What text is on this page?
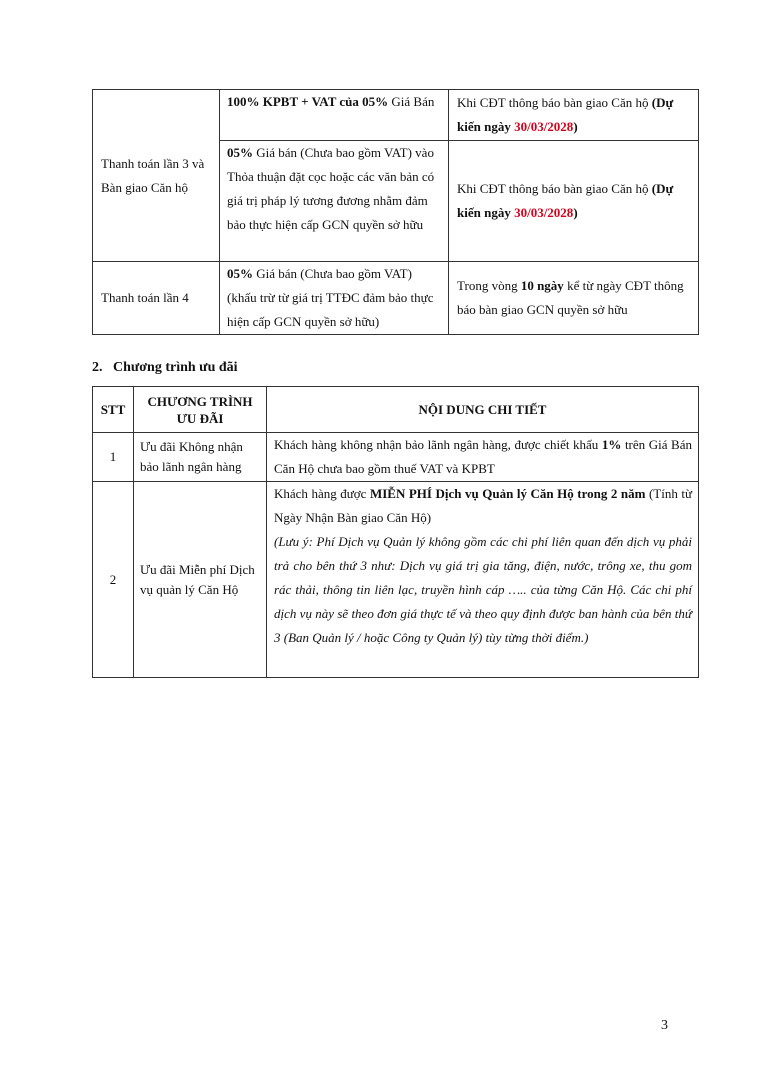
Thanh toán lần 3 và Bàn giao Căn hộ	100% KPBT + VAT của 05% Giá Bán	Khi CĐT thông báo bàn giao Căn hộ (Dự kiến ngày 30/03/2028)
	05% Giá bán (Chưa bao gồm VAT) vào Thỏa thuận đặt cọc hoặc các văn bản có giá trị pháp lý tương đương nhằm đảm bảo thực hiện cấp GCN quyền sở hữu	Khi CĐT thông báo bàn giao Căn hộ (Dự kiến ngày 30/03/2028)
Thanh toán lần 4	05% Giá bán (Chưa bao gồm VAT) (khấu trừ từ giá trị TTĐC đảm bảo thực hiện cấp GCN quyền sở hữu)	Trong vòng 10 ngày kể từ ngày CĐT thông báo bàn giao GCN quyền sở hữu
2. Chương trình ưu đãi
STT	CHƯƠNG TRÌNH ƯU ĐÃI	NỘI DUNG CHI TIẾT
1	Ưu đãi Không nhận bảo lãnh ngân hàng	Khách hàng không nhận bảo lãnh ngân hàng, được chiết khấu 1% trên Giá Bán Căn Hộ chưa bao gồm thuế VAT và KPBT
2	Ưu đãi Miễn phí Dịch vụ quản lý Căn Hộ	Khách hàng được MIỄN PHÍ Dịch vụ Quản lý Căn Hộ trong 2 năm (Tính từ Ngày Nhận Bàn giao Căn Hộ)
(Lưu ý: Phí Dịch vụ Quản lý không gồm các chi phí liên quan đến dịch vụ phải trả cho bên thứ 3 như: Dịch vụ giá trị gia tăng, điện, nước, trông xe, thu gom rác thải, thông tin liên lạc, truyền hình cáp ….. của từng Căn Hộ. Các chi phí dịch vụ này sẽ theo đơn giá thực tế và theo quy định được ban hành của bên thứ 3 (Ban Quản lý / hoặc Công ty Quản lý) tùy từng thời điểm.)
3
